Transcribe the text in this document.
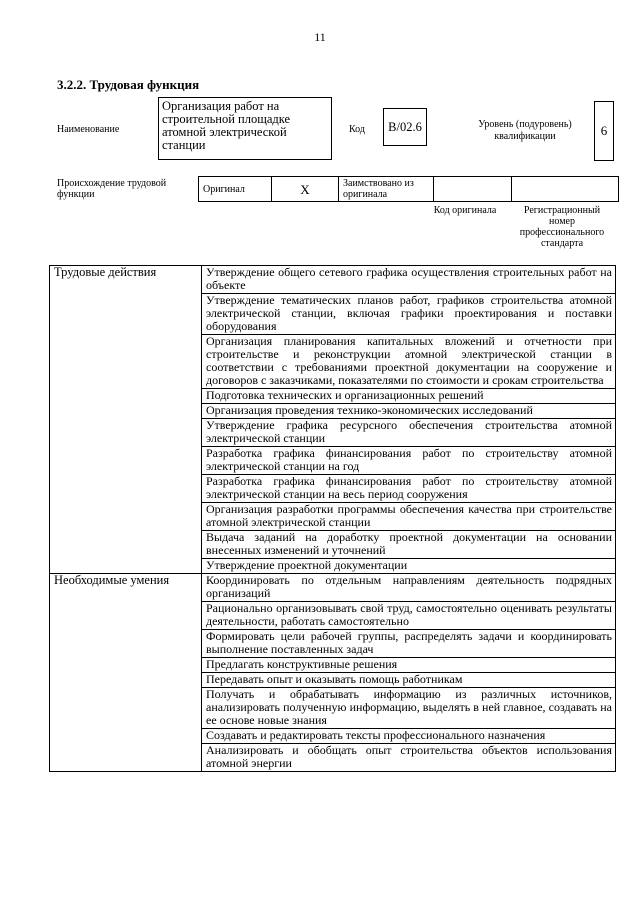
11
3.2.2. Трудовая функция
Наименование
Организация работ на строительной площадке атомной электрической станции
Код	В/02.6	Уровень (подуровень) квалификации	6
Происхождение трудовой функции	Оригинал	Х	Заимствовано из оригинала		
Код оригинала	Регистрационный номер профессионального стандарта
Трудовые действия	Утверждение общего сетевого графика осуществления строительных работ на объекте
	Утверждение тематических планов работ, графиков строительства атомной электрической станции, включая графики проектирования и поставки оборудования
	Организация планирования капитальных вложений и отчетности при строительстве и реконструкции атомной электрической станции в соответствии с требованиями проектной документации на сооружение и договоров с заказчиками, показателями по стоимости и срокам строительства
	Подготовка технических и организационных решений
	Организация проведения технико-экономических исследований
	Утверждение графика ресурсного обеспечения строительства атомной электрической станции
	Разработка графика финансирования работ по строительству атомной электрической станции на год
	Разработка графика финансирования работ по строительству атомной электрической станции на весь период сооружения
	Организация разработки программы обеспечения качества при строительстве атомной электрической станции
	Выдача заданий на доработку проектной документации на основании внесенных изменений и уточнений
	Утверждение проектной документации
Необходимые умения	Координировать по отдельным направлениям деятельность подрядных организаций
	Рационально организовывать свой труд, самостоятельно оценивать результаты деятельности, работать самостоятельно
	Формировать цели рабочей группы, распределять задачи и координировать выполнение поставленных задач
	Предлагать конструктивные решения
	Передавать опыт и оказывать помощь работникам
	Получать и обрабатывать информацию из различных источников, анализировать полученную информацию, выделять в ней главное, создавать на ее основе новые знания
	Создавать и редактировать тексты профессионального назначения
	Анализировать и обобщать опыт строительства объектов использования атомной энергии
